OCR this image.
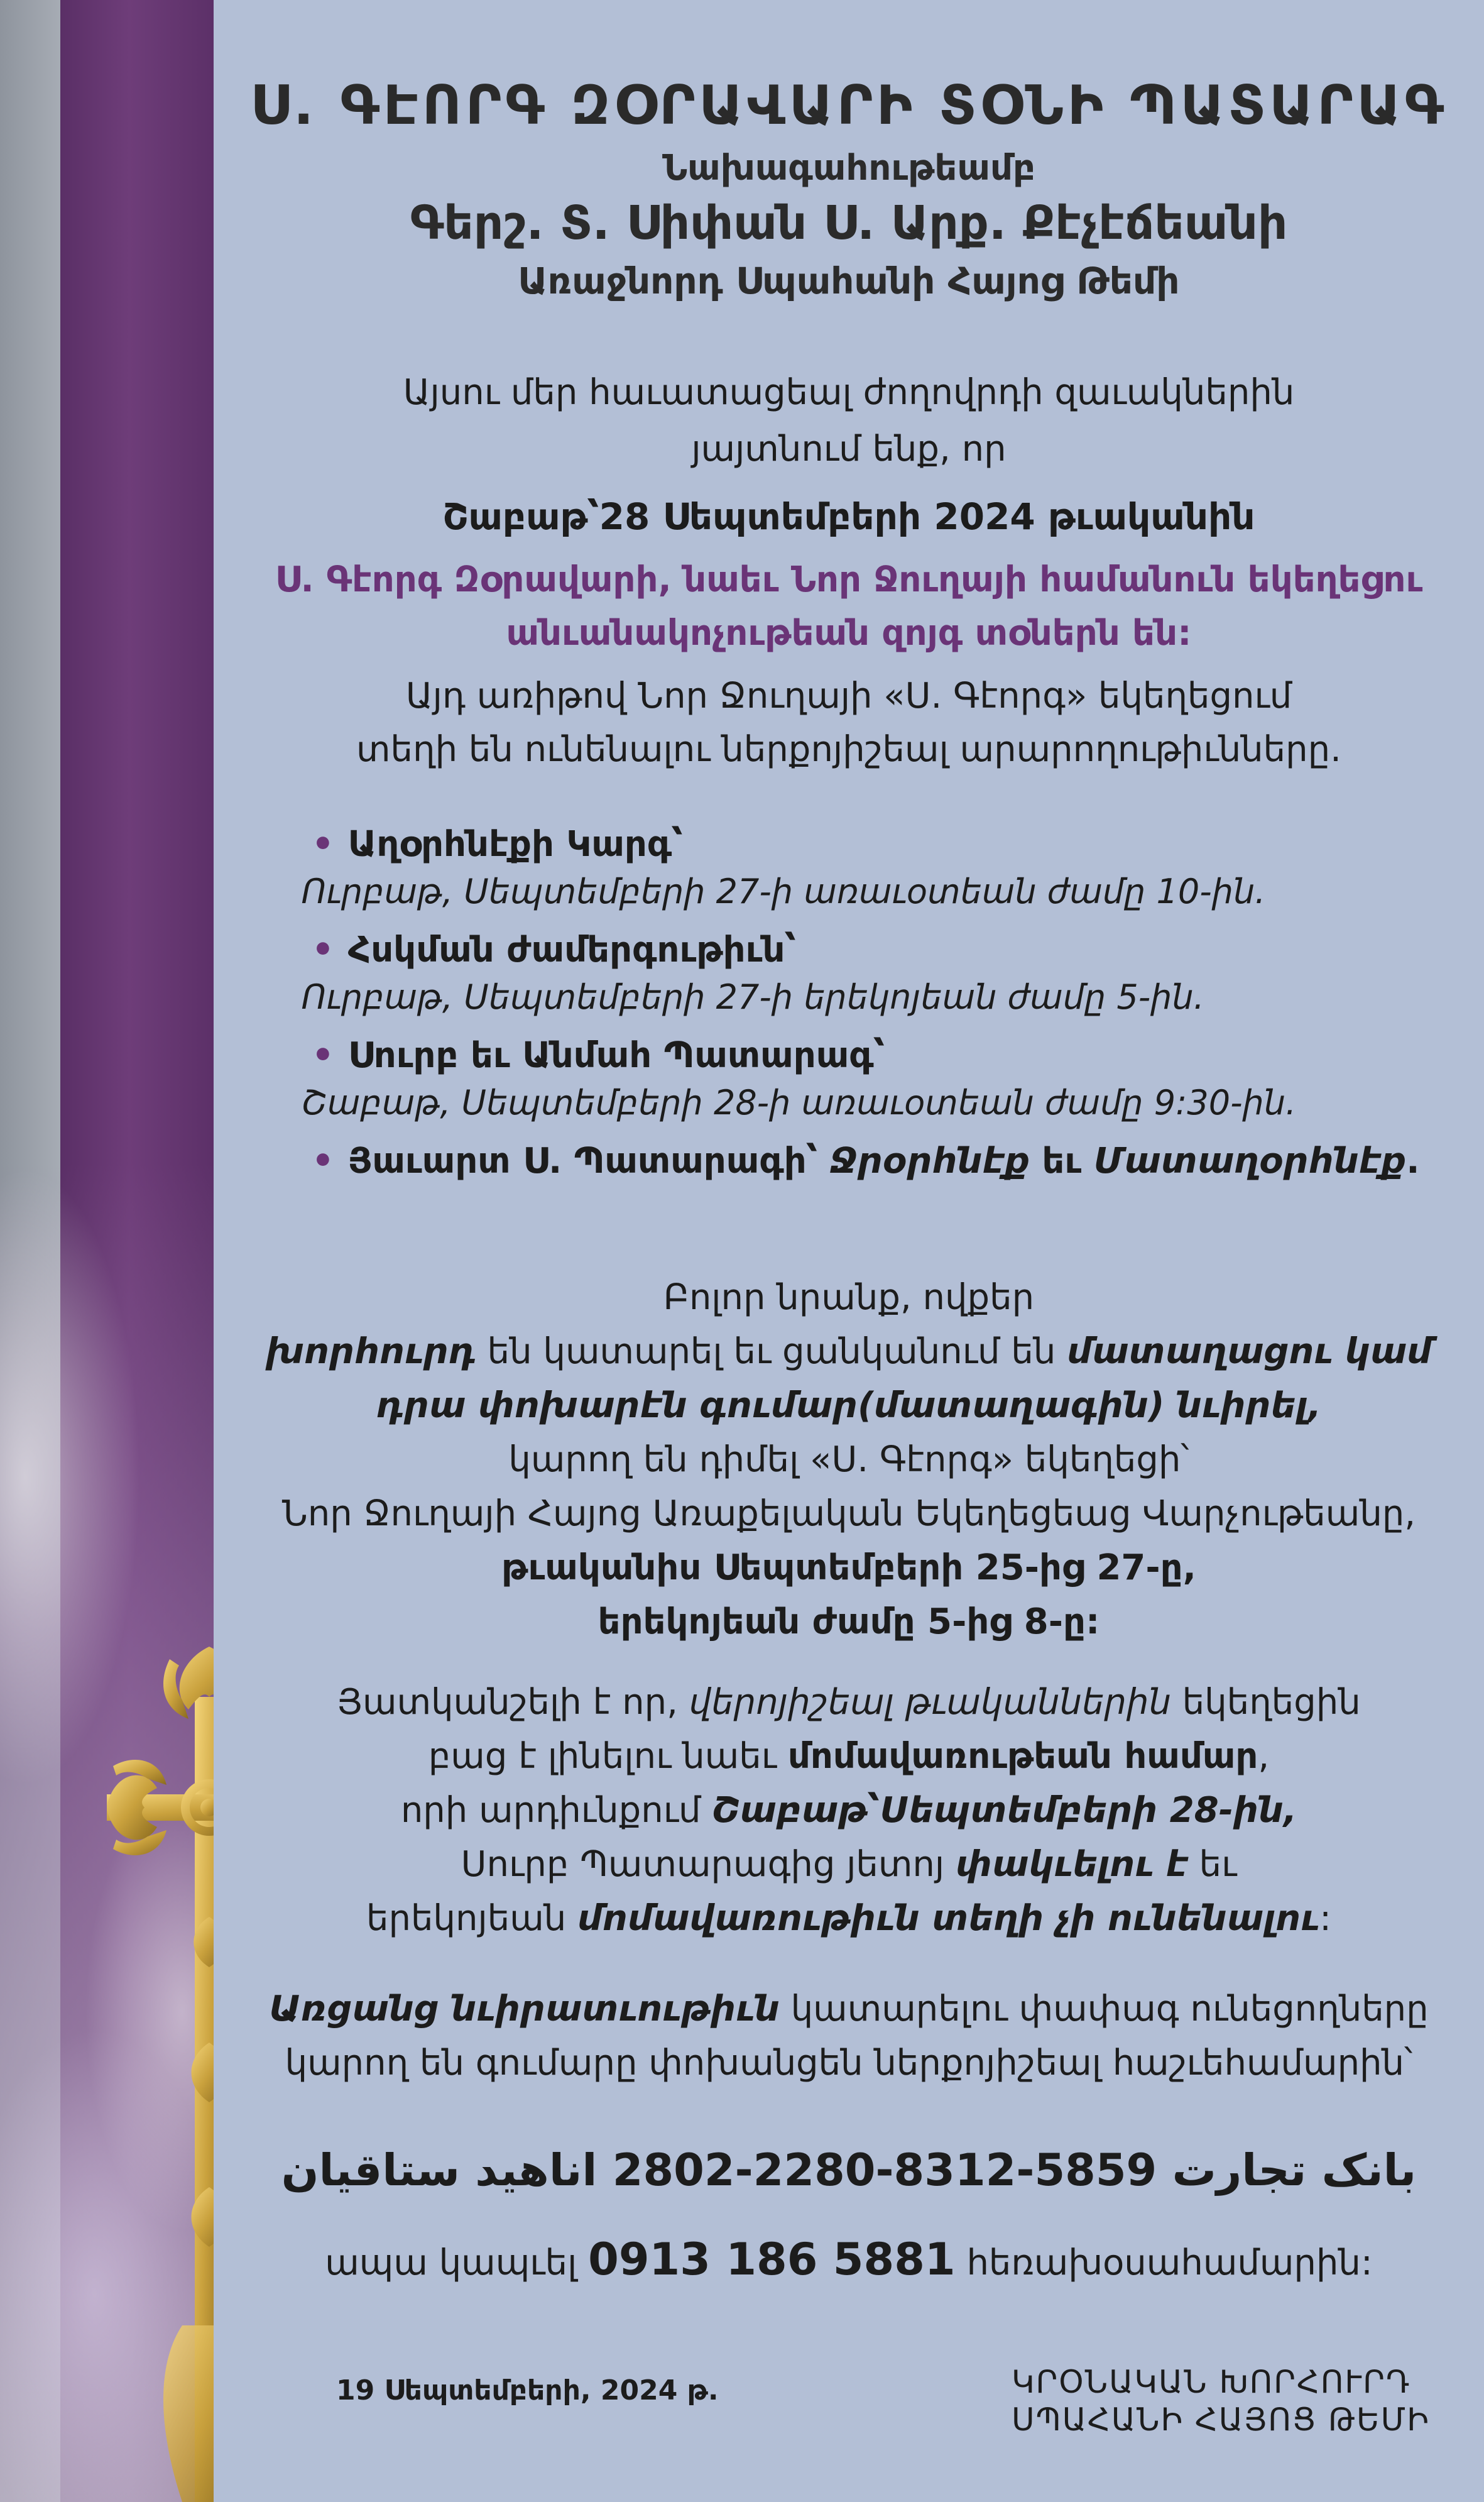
Ս. ԳԷՈՐԳ ԶՕՐԱՎԱՐԻ ՏՕՆԻ ՊԱՏԱՐԱԳ
Նախագահութեամբ
Գերշ. Տ. Սիփան Ս. Արք. Քէչէճեանի
Առաջնորդ Սպահանի Հայոց Թեմի
Այսու մեր հաւատացեալ ժողովրդի զաւակներին
յայտնում ենք, որ
Շաբաթ՝28 Սեպտեմբերի 2024 թւականին
Ս. Գէորգ Զօրավարի, նաեւ Նոր Ջուղայի համանուն եկեղեցու
անւանակոչութեան զոյգ տօներն են:
Այդ առիթով Նոր Ջուղայի «Ս. Գէորգ» եկեղեցում
տեղի են ունենալու ներքոյիշեալ արարողութիւնները.
• Աղօրհնէքի Կարգ՝
Ուրբաթ, Սեպտեմբերի 27-ի առաւօտեան ժամը 10-ին.
• Հսկման ժամերգութիւն՝
Ուրբաթ, Սեպտեմբերի 27-ի երեկոյեան ժամը 5-ին.
• Սուրբ եւ Անմահ Պատարագ՝
Շաբաթ, Սեպտեմբերի 28-ի առաւօտեան ժամը 9:30-ին.
• Յաւարտ Ս. Պատարագի՝ Ջրօրհնէք եւ Մատաղօրհնէք.
Բոլոր նրանք, ովքեր
խորհուրդ են կատարել եւ ցանկանում են մատաղացու կամ
դրա փոխարէն գումար(մատաղագին) նւիրել,
կարող են դիմել «Ս. Գէորգ» եկեղեցի՝
Նոր Ջուղայի Հայոց Առաքելական Եկեղեցեաց Վարչութեանը,
թւականիս Սեպտեմբերի 25-ից 27-ը,
երեկոյեան ժամը 5-ից 8-ը:
Յատկանշելի է որ, վերոյիշեալ թւականներին եկեղեցին
բաց է լինելու նաեւ մոմավառութեան համար,
որի արդիւնքում Շաբաթ՝Սեպտեմբերի 28-ին,
Սուրբ Պատարագից յետոյ փակւելու է եւ
երեկոյեան մոմավառութիւն տեղի չի ունենալու:
Առցանց նւիրատւութիւն կատարելու փափագ ունեցողները
կարող են գումարը փոխանցեն ներքոյիշեալ հաշւեհամարին՝
بانک تجارت 5859-8312-2280-2802 اناهید ستاقیان
ապա կապւել 0913 186 5881 հեռախօսահամարին:
19 Սեպտեմբերի, 2024 թ.	ԿՐՕՆԱԿԱՆ ԽՈՐՀՈՒՐԴ
ՍՊԱՀԱՆԻ ՀԱՅՈՑ ԹԵՄԻ
